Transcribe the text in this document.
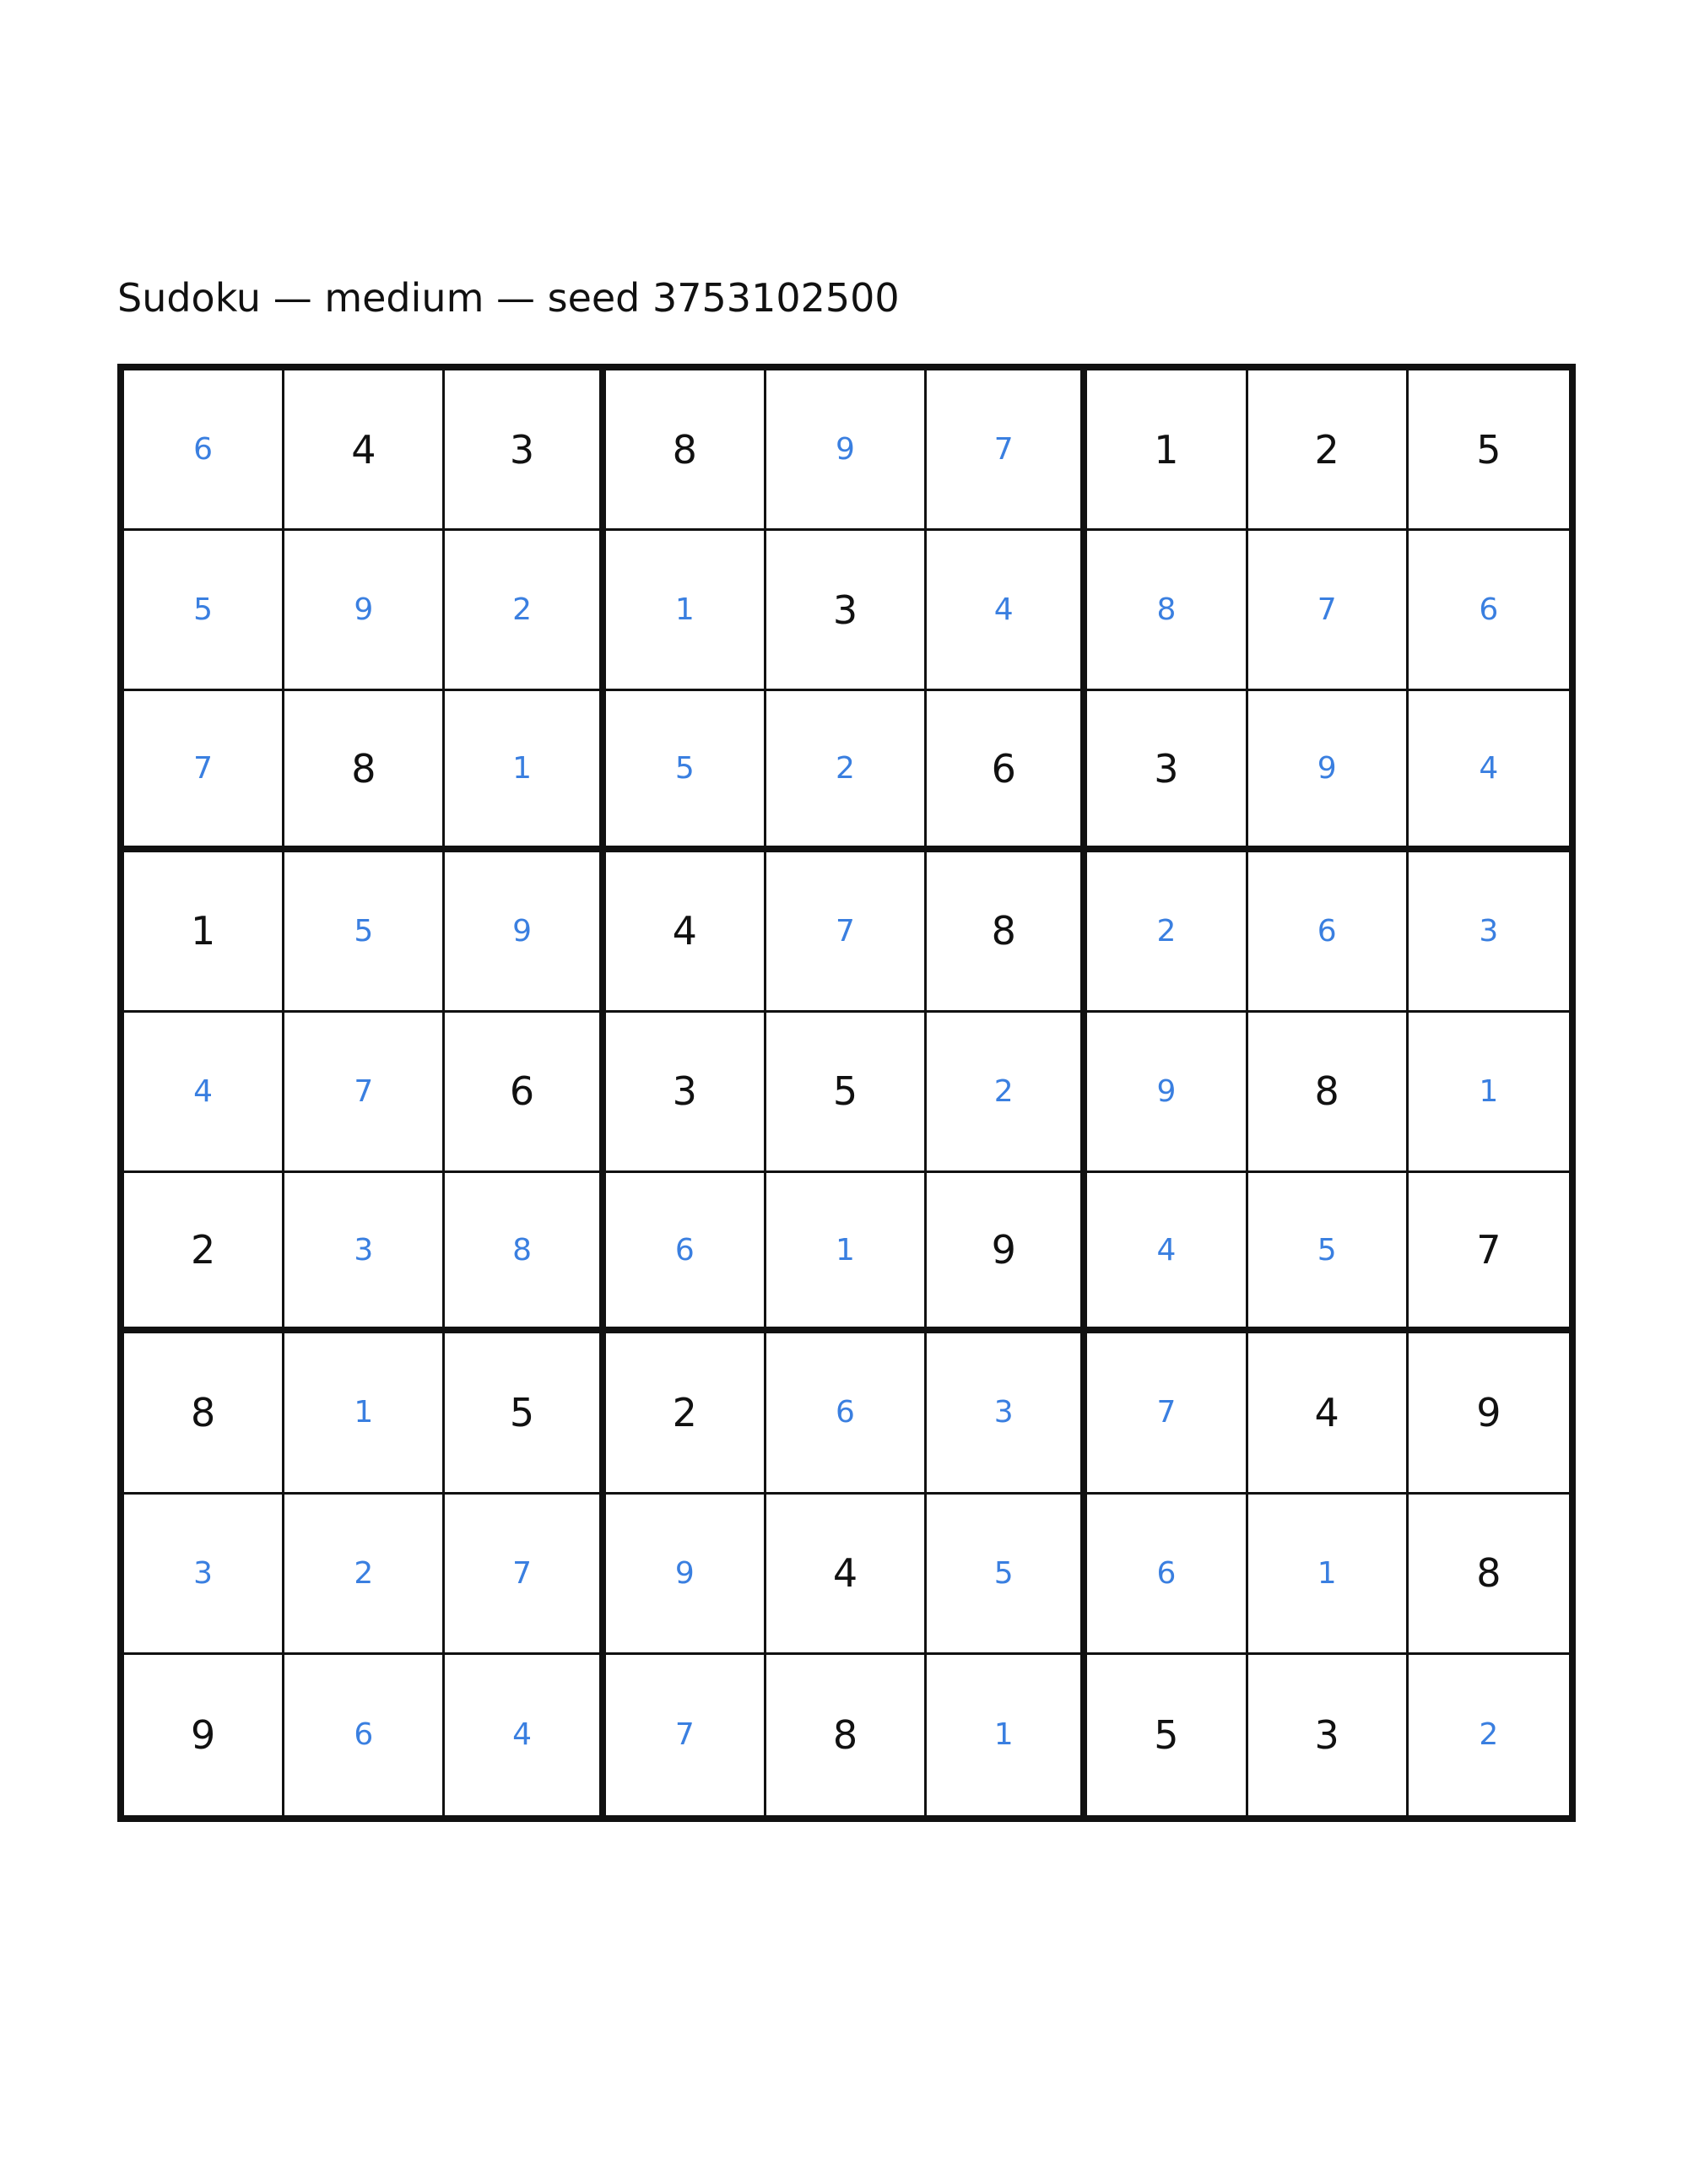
Sudoku — medium — seed 3753102500
6	4	3	8	9	7	1	2	5
5	9	2	1	3	4	8	7	6
7	8	1	5	2	6	3	9	4
1	5	9	4	7	8	2	6	3
4	7	6	3	5	2	9	8	1
2	3	8	6	1	9	4	5	7
8	1	5	2	6	3	7	4	9
3	2	7	9	4	5	6	1	8
9	6	4	7	8	1	5	3	2
